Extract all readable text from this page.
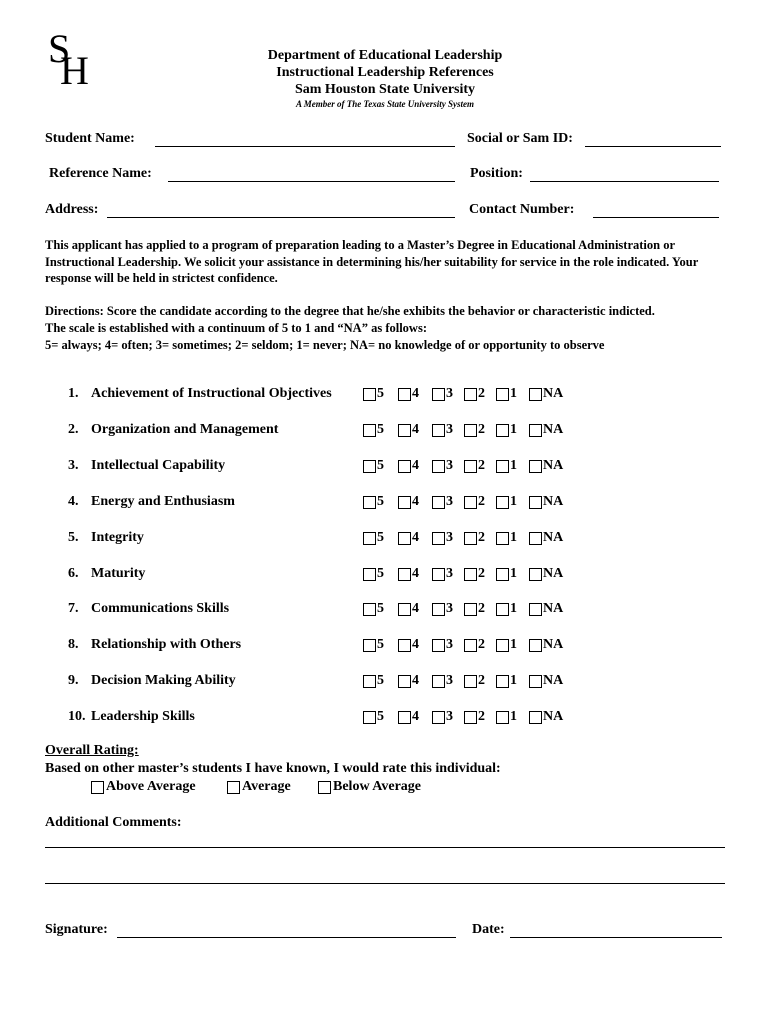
S
H	Department of Educational Leadership
Instructional Leadership References
Sam Houston State University
A Member of The Texas State University System
Student Name:	Social or Sam ID:
Reference Name:	Position:
Address:	Contact Number:
This applicant has applied to a program of preparation leading to a Master’s Degree in Educational Administration or Instructional Leadership. We solicit your assistance in determining his/her suitability for service in the role indicated. Your response will be held in strictest confidence.
Directions: Score the candidate according to the degree that he/she exhibits the behavior or characteristic indicted.
The scale is established with a continuum of 5 to 1 and “NA” as follows:
5= always; 4= often; 3= sometimes; 2= seldom; 1= never; NA= no knowledge of or opportunity to observe
1. Achievement of Instructional Objectives	5 4 3 2 1 NA
2. Organization and Management	5 4 3 2 1 NA
3. Intellectual Capability	5 4 3 2 1 NA
4. Energy and Enthusiasm	5 4 3 2 1 NA
5. Integrity	5 4 3 2 1 NA
6. Maturity	5 4 3 2 1 NA
7. Communications Skills	5 4 3 2 1 NA
8. Relationship with Others	5 4 3 2 1 NA
9. Decision Making Ability	5 4 3 2 1 NA
10. Leadership Skills	5 4 3 2 1 NA
Overall Rating:
Based on other master’s students I have known, I would rate this individual:
Above Average	Average	Below Average
Additional Comments:
Signature:	Date:
